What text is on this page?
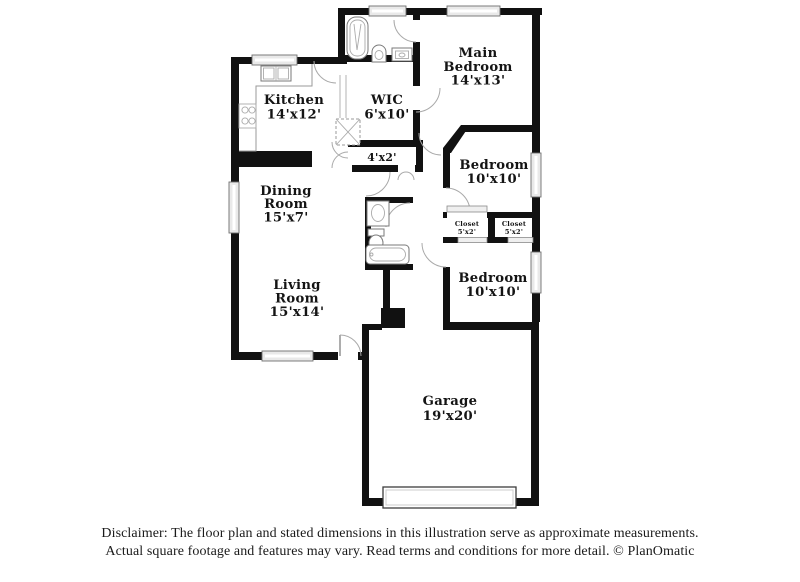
Kitchen 14'x12'
WIC 6'x10'
Main Bedroom 14'x13'
4'x2'
Bedroom 10'x10'
Dining Room 15'x7'	Closet 5'x2'
Closet 5'x2'
Bedroom 10'x10'
Living Room 15'x14'
Garage 19'x20'
Disclaimer: The floor plan and stated dimensions in this illustration serve as approximate measurements.
Actual square footage and features may vary. Read terms and conditions for more detail. © PlanOmatic
